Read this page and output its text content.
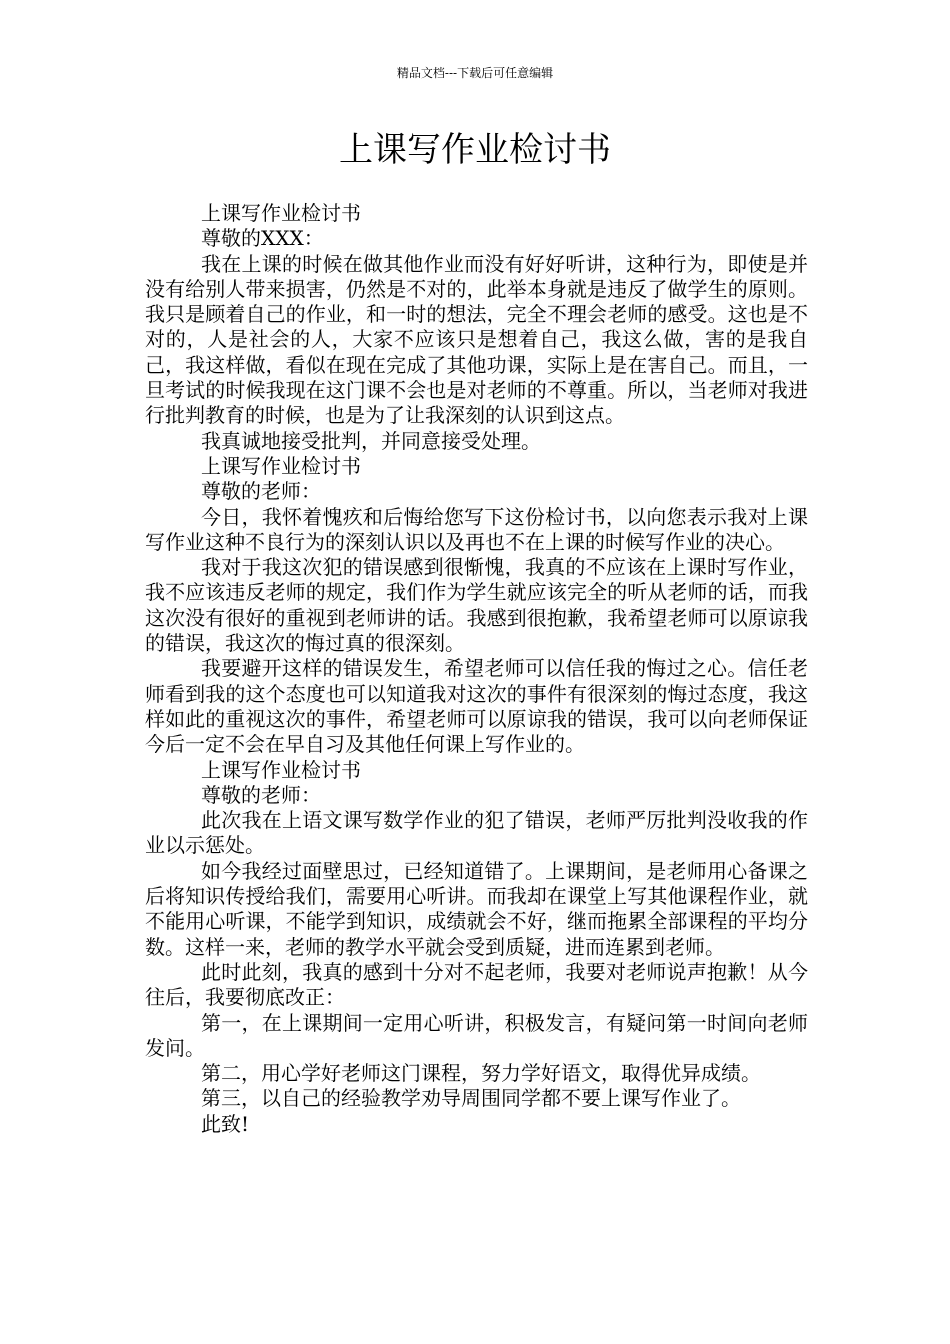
精品文档---下载后可任意编辑
上课写作业检讨书

上课写作业检讨书

尊敬的XXX：

我在上课的时候在做其他作业而没有好好听讲，这种行为，即使是并没有给别人带来损害，仍然是不对的，此举本身就是违反了做学生的原则。我只是顾着自己的作业，和一时的想法，完全不理会老师的感受。这也是不对的，人是社会的人，大家不应该只是想着自己，我这么做，害的是我自己，我这样做，看似在现在完成了其他功课，实际上是在害自己。而且，一旦考试的时候我现在这门课不会也是对老师的不尊重。所以，当老师对我进行批判教育的时候，也是为了让我深刻的认识到这点。

我真诚地接受批判，并同意接受处理。

上课写作业检讨书

尊敬的老师：

今日，我怀着愧疚和后悔给您写下这份检讨书，以向您表示我对上课写作业这种不良行为的深刻认识以及再也不在上课的时候写作业的决心。

我对于我这次犯的错误感到很惭愧，我真的不应该在上课时写作业，我不应该违反老师的规定，我们作为学生就应该完全的听从老师的话，而我这次没有很好的重视到老师讲的话。我感到很抱歉，我希望老师可以原谅我的错误，我这次的悔过真的很深刻。

我要避开这样的错误发生，希望老师可以信任我的悔过之心。信任老师看到我的这个态度也可以知道我对这次的事件有很深刻的悔过态度，我这样如此的重视这次的事件，希望老师可以原谅我的错误，我可以向老师保证今后一定不会在早自习及其他任何课上写作业的。

上课写作业检讨书

尊敬的老师：

此次我在上语文课写数学作业的犯了错误，老师严厉批判没收我的作业以示惩处。

如今我经过面壁思过，已经知道错了。上课期间，是老师用心备课之后将知识传授给我们，需要用心听讲。而我却在课堂上写其他课程作业，就不能用心听课，不能学到知识，成绩就会不好，继而拖累全部课程的平均分数。这样一来，老师的教学水平就会受到质疑，进而连累到老师。

此时此刻，我真的感到十分对不起老师，我要对老师说声抱歉！从今往后，我要彻底改正：

第一，在上课期间一定用心听讲，积极发言，有疑问第一时间向老师发问。

第二，用心学好老师这门课程，努力学好语文，取得优异成绩。

第三，以自己的经验教学劝导周围同学都不要上课写作业了。

此致!
